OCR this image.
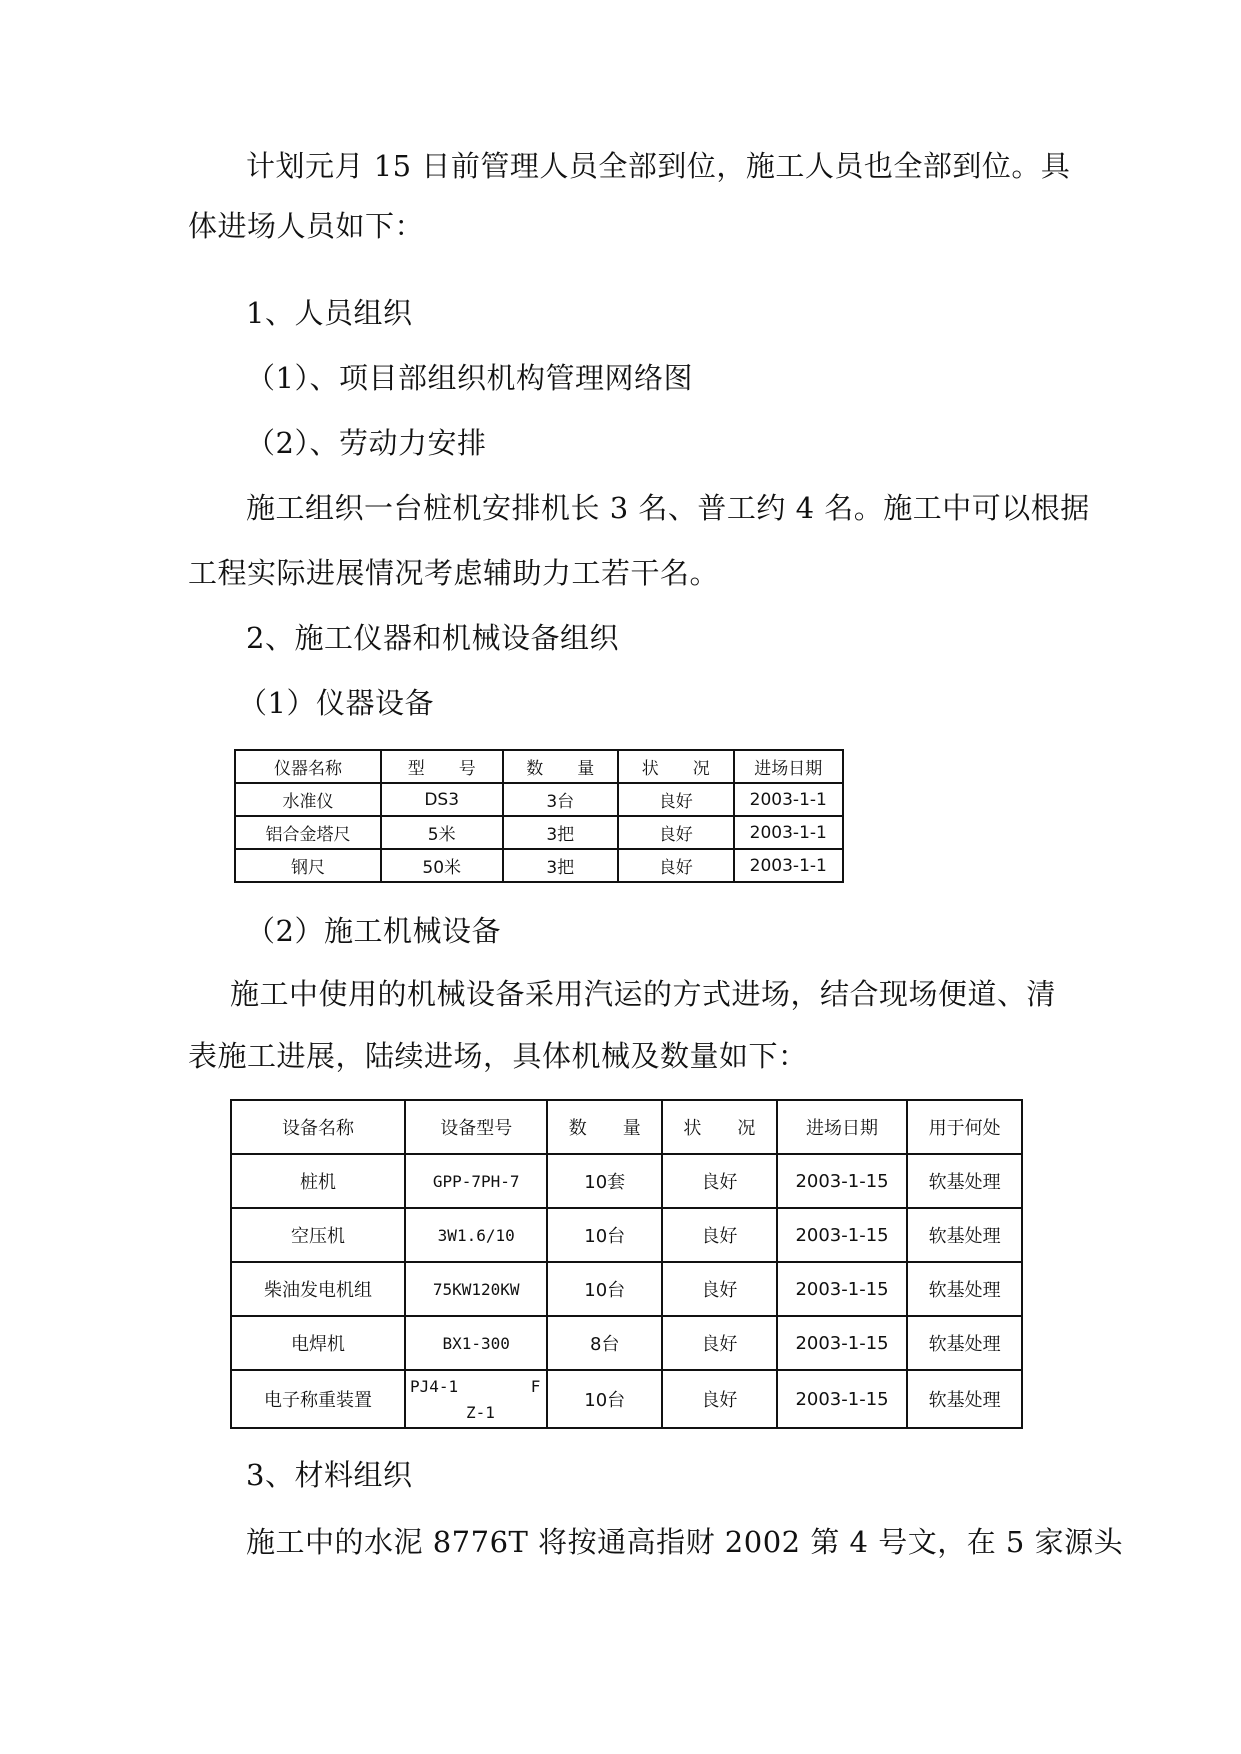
计划元月 15 日前管理人员全部到位，施工人员也全部到位。具
体进场人员如下：
1、人员组织
（1）、项目部组织机构管理网络图
（2）、劳动力安排
施工组织一台桩机安排机长 3 名、普工约 4 名。施工中可以根据
工程实际进展情况考虑辅助力工若干名。
2、施工仪器和机械设备组织
（1）仪器设备
仪器名称	型　　号	数　　量	状　　况	进场日期
水准仪	DS3	3台	良好	2003-1-1
铝合金塔尺	5米	3把	良好	2003-1-1
钢尺	50米	3把	良好	2003-1-1
（2）施工机械设备
施工中使用的机械设备采用汽运的方式进场，结合现场便道、清
表施工进展，陆续进场，具体机械及数量如下：
设备名称	设备型号	数　　量	状　　况	进场日期	用于何处
桩机	GPP-7PH-7	10套	良好	2003-1-15	软基处理
空压机	3W1.6/10	10台	良好	2003-1-15	软基处理
柴油发电机组	75KW120KW	10台	良好	2003-1-15	软基处理
电焊机	BX1-300	8台	良好	2003-1-15	软基处理
电子称重装置	PJ4-1 F
Z-1	10台	良好	2003-1-15	软基处理
3、材料组织
施工中的水泥 8776T 将按通高指财 2002 第 4 号文，在 5 家源头
